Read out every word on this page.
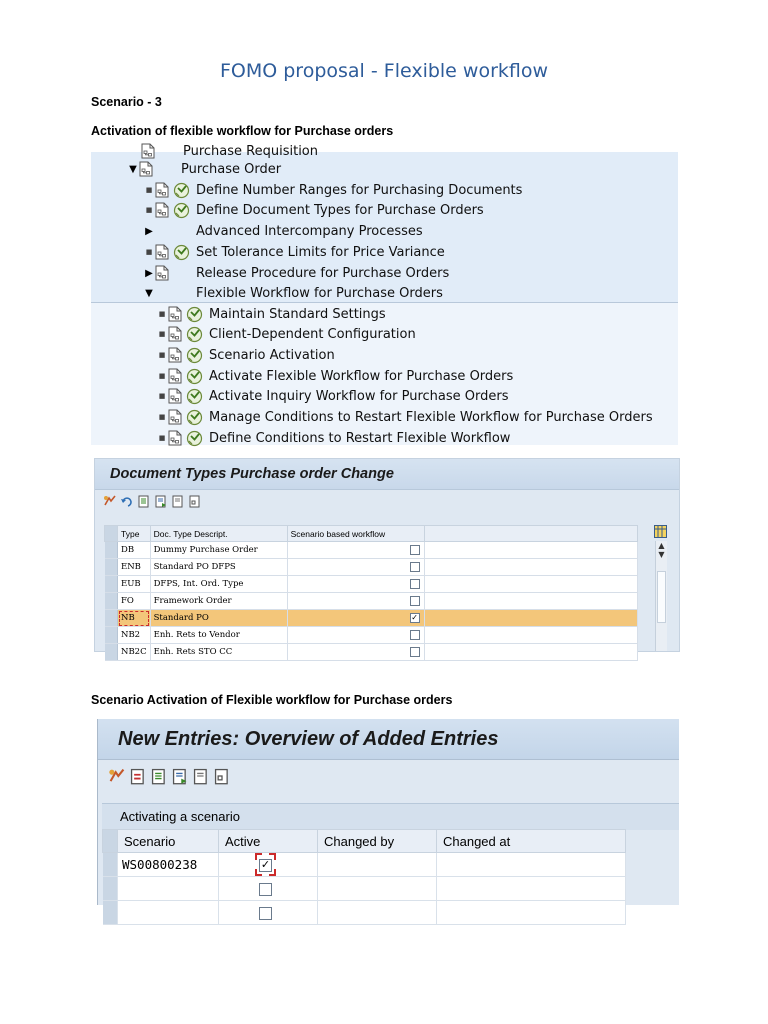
FOMO proposal - Flexible workflow
Scenario - 3
Activation of flexible workflow for Purchase orders
Purchase Requisition
▼	Purchase Order
■	Define Number Ranges for Purchasing Documents
■	Define Document Types for Purchase Orders
▶	Advanced Intercompany Processes
■	Set Tolerance Limits for Price Variance
▶	Release Procedure for Purchase Orders
▼	Flexible Workflow for Purchase Orders
■	Maintain Standard Settings
■	Client-Dependent Configuration
■	Scenario Activation
■	Activate Flexible Workflow for Purchase Orders
■	Activate Inquiry Workflow for Purchase Orders
■	Manage Conditions to Restart Flexible Workflow for Purchase Orders
■	Define Conditions to Restart Flexible Workflow
Document Types Purchase order Change
	Type	Doc. Type Descript.	Scenario based workflow	
	DB	Dummy Purchase Order		
	ENB	Standard PO DFPS		
	EUB	DFPS, Int. Ord. Type		
	FO	Framework Order		
	NB	Standard PO	✓	
	NB2	Enh. Rets to Vendor		
	NB2C	Enh. Rets STO CC		
▲
▼
Scenario Activation of Flexible workflow for Purchase orders
New Entries: Overview of Added Entries
Activating a scenario
	Scenario	Active	Changed by	Changed at
	WS00800238	✓		
